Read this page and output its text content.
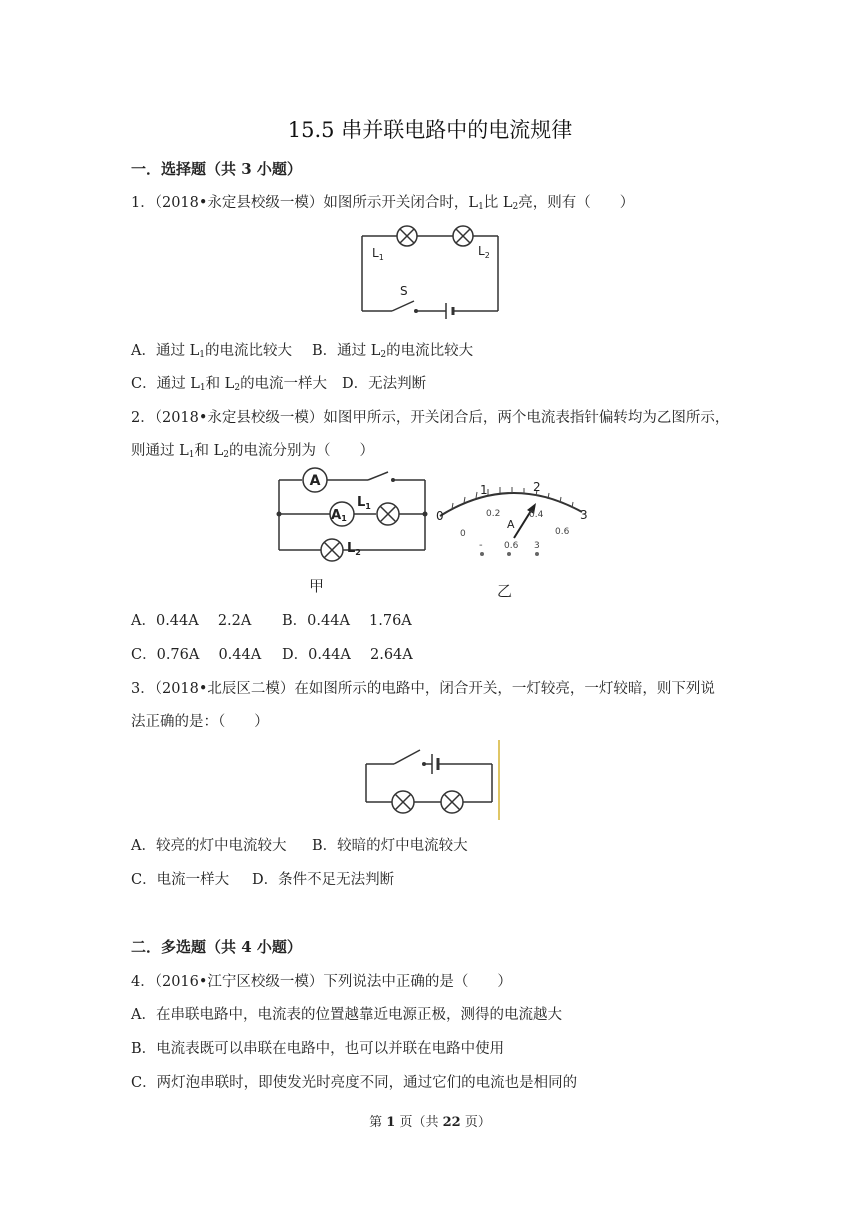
15.5 串并联电路中的电流规律
一．选择题（共 3 小题）
1．（2018•永定县校级一模）如图所示开关闭合时，$L_1$比 $L_2$亮，则有（　　）
$L_1$	$L_2$
S
A．通过 $L_1$的电流比较大 B．通过 $L_2$的电流比较大
C．通过 $L_1$和 $L_2$的电流一样大 D．无法判断
2．（2018•永定县校级一模）如图甲所示，开关闭合后，两个电流表指针偏转均为乙图所示，
则通过 $L_1$和 $L_2$的电流分别为（　　）
A
A1
$L_1$
$L_2$
甲
0
1	2
3
0
0.2	0.4
0.6
A
- 0.6 3
乙
A．0.44A　 2.2A B．0.44A　 1.76A
C．0.76A　 0.44A D．0.44A　 2.64A
3．（2018•北辰区二模）在如图所示的电路中，闭合开关，一灯较亮，一灯较暗，则下列说
法正确的是：（　　）
A．较亮的灯中电流较大 B．较暗的灯中电流较大
C．电流一样大 D．条件不足无法判断
二．多选题（共 4 小题）
4．（2016•江宁区校级一模）下列说法中正确的是（　　）
A．在串联电路中，电流表的位置越靠近电源正极，测得的电流越大
B．电流表既可以串联在电路中，也可以并联在电路中使用
C．两灯泡串联时，即使发光时亮度不同，通过它们的电流也是相同的
第 1 页（共 22 页）
